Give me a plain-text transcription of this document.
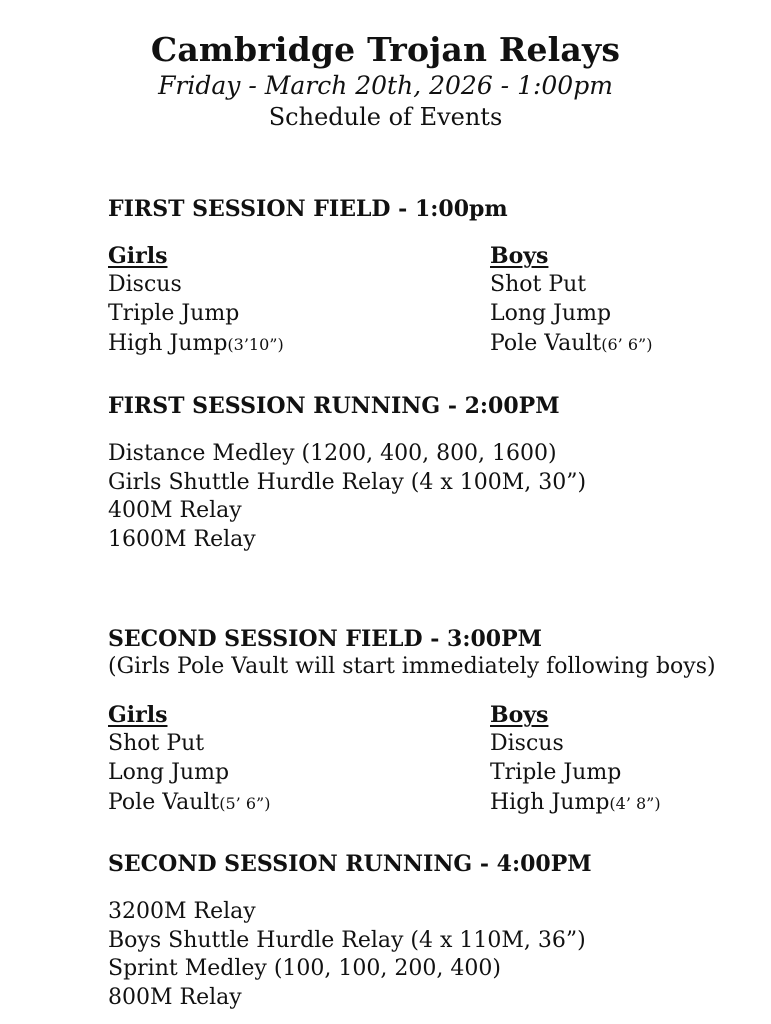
Cambridge Trojan Relays
Friday - March 20th, 2026 - 1:00pm
Schedule of Events
FIRST SESSION FIELD - 1:00pm
Girls
Discus
Triple Jump
High Jump(3’10”)
Boys
Shot Put
Long Jump
Pole Vault(6’ 6”)
FIRST SESSION RUNNING - 2:00PM
Distance Medley (1200, 400, 800, 1600)
Girls Shuttle Hurdle Relay (4 x 100M, 30”)
400M Relay
1600M Relay
SECOND SESSION FIELD - 3:00PM
(Girls Pole Vault will start immediately following boys)
Girls
Shot Put
Long Jump
Pole Vault(5’ 6”)
Boys
Discus
Triple Jump
High Jump(4’ 8”)
SECOND SESSION RUNNING - 4:00PM
3200M Relay
Boys Shuttle Hurdle Relay (4 x 110M, 36”)
Sprint Medley (100, 100, 200, 400)
800M Relay
